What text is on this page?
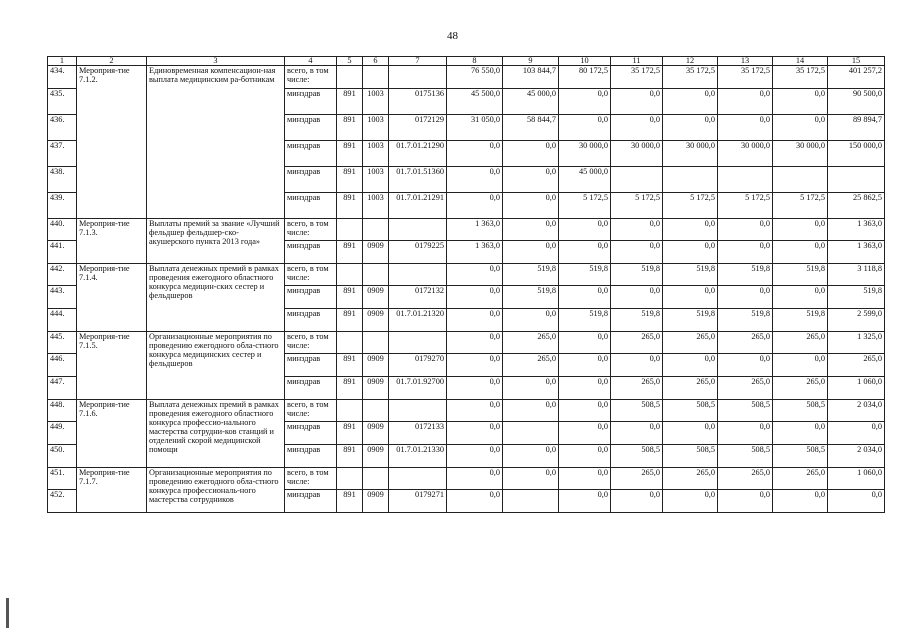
48
1	2	3	4	5	6	7	8	9	10	11	12	13	14	15
434.	Мероприя-тие 7.1.2.	Единовременная компенсацион-ная выплата медицинским ра-ботникам	всего, в том числе:				76 550,0	103 844,7	80 172,5	35 172,5	35 172,5	35 172,5	35 172,5	401 257,2
435.			минздрав	891	1003	0175136	45 500,0	45 000,0	0,0	0,0	0,0	0,0	0,0	90 500,0
436.			минздрав	891	1003	0172129	31 050,0	58 844,7	0,0	0,0	0,0	0,0	0,0	89 894,7
437.			минздрав	891	1003	01.7.01.21290	0,0	0,0	30 000,0	30 000,0	30 000,0	30 000,0	30 000,0	150 000,0
438.			минздрав	891	1003	01.7.01.51360	0,0	0,0	45 000,0					
439.			минздрав	891	1003	01.7.01.21291	0,0	0,0	5 172,5	5 172,5	5 172,5	5 172,5	5 172,5	25 862,5
440.	Мероприя-тие 7.1.3.	Выплаты премий за звание «Лучший фельдшер фельдшер-ско-акушерского пункта 2013 года»	всего, в том числе:				1 363,0	0,0	0,0	0,0	0,0	0,0	0,0	1 363,0
441.			минздрав	891	0909	0179225	1 363,0	0,0	0,0	0,0	0,0	0,0	0,0	1 363,0
442.	Мероприя-тие 7.1.4.	Выплата денежных премий в рамках проведения ежегодного областного конкурса медицин-ских сестер и фельдшеров	всего, в том числе:				0,0	519,8	519,8	519,8	519,8	519,8	519,8	3 118,8
443.			минздрав	891	0909	0172132	0,0	519,8	0,0	0,0	0,0	0,0	0,0	519,8
444.			минздрав	891	0909	01.7.01.21320	0,0	0,0	519,8	519,8	519,8	519,8	519,8	2 599,0
445.	Мероприя-тие 7.1.5.	Организационные мероприятия по проведению ежегодного обла-стного конкурса медицинских сестер и фельдшеров	всего, в том числе:				0,0	265,0	0,0	265,0	265,0	265,0	265,0	1 325,0
446.			минздрав	891	0909	0179270	0,0	265,0	0,0	0,0	0,0	0,0	0,0	265,0
447.			минздрав	891	0909	01.7.01.92700	0,0	0,0	0,0	265,0	265,0	265,0	265,0	1 060,0
448.	Мероприя-тие 7.1.6.	Выплата денежных премий в рамках проведения ежегодного областного конкурса профессио-нального мастерства сотрудни-ков станций и отделений скорой медицинской помощи	всего, в том числе:				0,0	0,0	0,0	508,5	508,5	508,5	508,5	2 034,0
449.			минздрав	891	0909	0172133	0,0		0,0	0,0	0,0	0,0	0,0	0,0
450.			минздрав	891	0909	01.7.01.21330	0,0	0,0	0,0	508,5	508,5	508,5	508,5	2 034,0
451.	Мероприя-тие 7.1.7.	Организационные мероприятия по проведению ежегодного обла-стного конкурса профессиональ-ного мастерства сотрудников	всего, в том числе:				0,0	0,0	0,0	265,0	265,0	265,0	265,0	1 060,0
452.			минздрав	891	0909	0179271	0,0		0,0	0,0	0,0	0,0	0,0	0,0
